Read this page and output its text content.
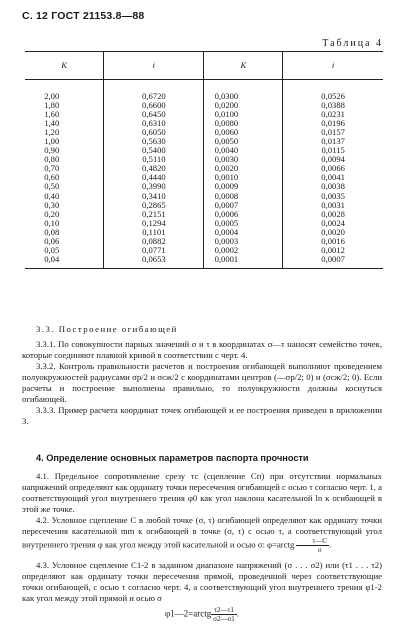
С. 12 ГОСТ 21153.8—88
Таблица 4
К	i	К	i
2,00	0,6720	0,0300	0,0526
1,80	0,6600	0,0200	0,0388
1,60	0,6450	0,0100	0,0231
1,40	0,6310	0,0080	0,0196
1,20	0,6050	0,0060	0,0157
1,00	0,5630	0,0050	0,0137
0,90	0,5400	0,0040	0,0115
0,80	0,5110	0,0030	0,0094
0,70	0,4820	0,0020	0,0066
0,60	0,4440	0,0010	0,0041
0,50	0,3990	0,0009	0,0038
0,40	0,3410	0,0008	0,0035
0,30	0,2865	0,0007	0,0031
0,20	0,2151	0,0006	0,0028
0,10	0,1294	0,0005	0,0024
0,08	0,1101	0,0004	0,0020
0,06	0,0882	0,0003	0,0016
0,05	0,0771	0,0002	0,0012
0,04	0,0653	0,0001	0,0007
3.3. Построение огибающей

3.3.1. По совокупности парных значений σ и τ в координатах σ—τ наносят семейство точек, которые соединяют плавной кривой в соответствии с черт. 4.

3.3.2. Контроль правильности расчетов и построения огибающей выполняют проведением полуокружностей радиусами σр/2 и σсж/2 с координатами центров (—σр/2; 0) и (σсж/2; 0). Если расчеты и построение выполнены правильно, то полуокружности должны коснуться огибающей.

3.3.3. Пример расчета координат точек огибающей и ее построения приведен в приложении 3.

4. Определение основных параметров паспорта прочности

4.1. Предельное сопротивление срезу τс (сцепление Сп) при отсутствии нормальных напряжений определяют как ординату точки пересечения огибающей с осью τ согласно черт. 1, а соответствующий угол внутреннего трения φ0 как угол наклона касательной ln к огибающей в этой же точке.

4.2. Условное сцепление С в любой точке (σ, τ) огибающей определяют как ординату точки пересечения касательной mm к огибающей в точке (σ, τ) с осью τ, а соответствующий угол внутреннего трения φ как угол между этой касательной и осью σ: φ=arctg $\frac{\tau—C}{\sigma}$ .

4.3. Условное сцепление С1-2 в заданном диапазоне напряжений (σ . . . σ2) или (τ1 . . . τ2) определяют как ординату точки пересечения прямой, проведенной через соответствующие точки огибающей, с осью τ согласно черт. 4, а соответствующий угол внутреннего трения φ1-2 как угол между этой прямой и осью σ

φ1—2=arctg $\frac{\tau 2—\tau 1}{\sigma 2—\sigma 1}$ .
